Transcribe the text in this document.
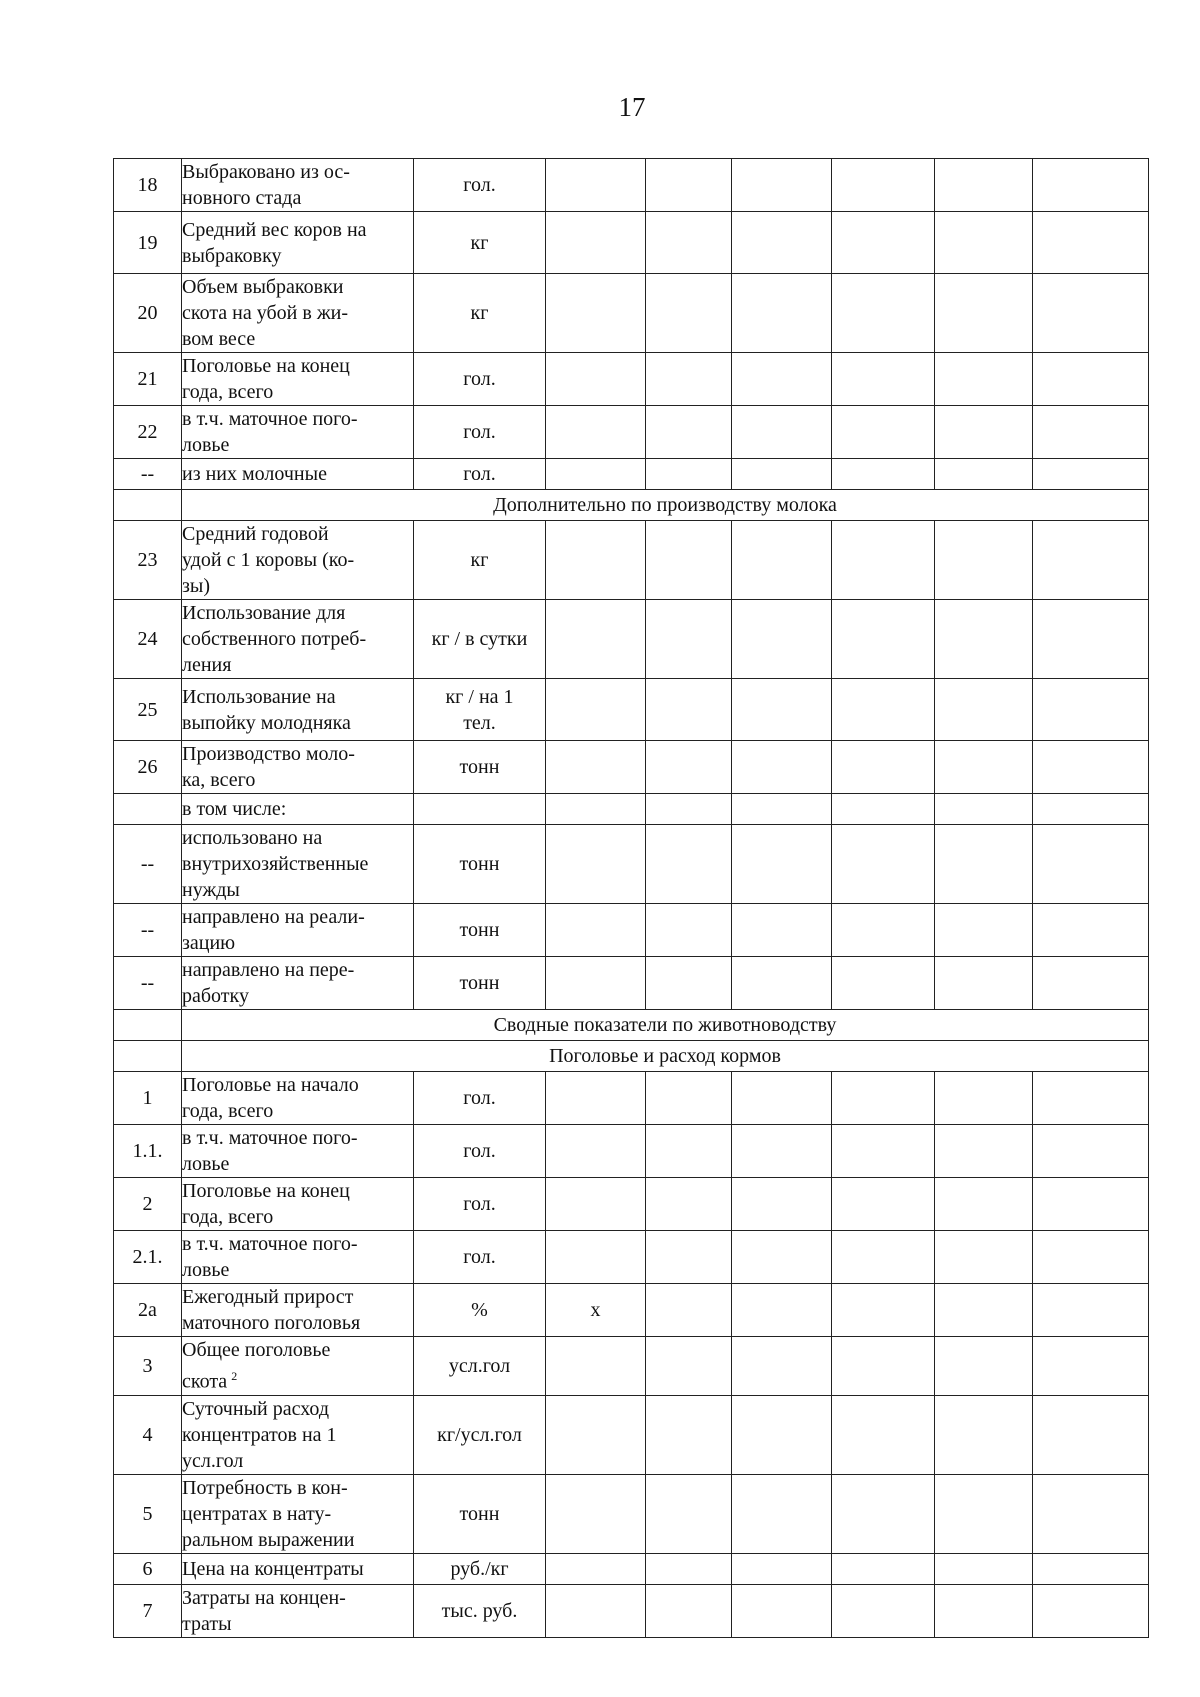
17
18	Выбраковано из ос-
новного стада	гол.							
19	Средний вес коров на
выбраковку	кг							
20	Объем выбраковки
скота на убой в жи-
вом весе	кг							
21	Поголовье на конец
года, всего	гол.							
22	в т.ч. маточное пого-
ловье	гол.							
--	из них молочные	гол.							
	Дополнительно по производству молока								
23	Средний годовой
удой с 1 коровы (ко-
зы)	кг							
24	Использование для
собственного потреб-
ления	кг / в сутки							
25	Использование на
выпойку молодняка	кг / на 1
тел.							
26	Производство моло-
ка, всего	тонн							
	в том числе:								
--	использовано на
внутрихозяйственные
нужды	тонн							
--	направлено на реали-
зацию	тонн							
--	направлено на пере-
работку	тонн							
	Сводные показатели по животноводству								
	Поголовье и расход кормов								
1	Поголовье на начало
года, всего	гол.							
1.1.	в т.ч. маточное пого-
ловье	гол.							
2	Поголовье на конец
года, всего	гол.							
2.1.	в т.ч. маточное пого-
ловье	гол.							
2а	Ежегодный прирост
маточного поголовья	%	х						
3	Общее поголовье
скота $^2$	усл.гол							
4	Суточный расход
концентратов на 1
усл.гол	кг/усл.гол							
5	Потребность в кон-
центратах в нату-
ральном выражении	тонн							
6	Цена на концентраты	руб./кг							
7	Затраты на концен-
траты	тыс. руб.							
